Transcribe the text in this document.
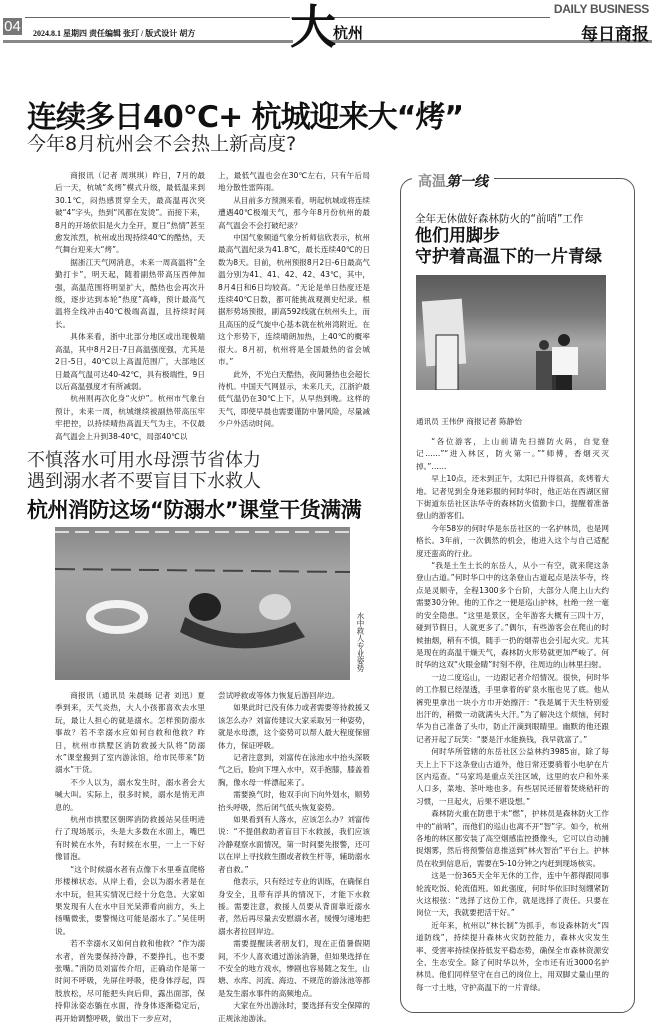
04 2024.8.1 星期四 责任编辑 张玎 / 版式设计 胡方 大
杭州
DAILY BUSINESS
每日商报
连续多日40℃+ 杭城迎来大“烤”
今年8月杭州会不会热上新高度?

商报讯（记者 周琪琪）昨日，7月的最后一天，杭城“炙烤”模式升级，最低温来到30.1℃，闷热感贯穿全天，最高温再次突破“4”字头，热到“风都在发烫”。而接下来，8月的开场依旧是火力全开，夏日“热情”甚至愈发浓烈，杭州或出现持续40℃的酷热，天气舞台迎来大“烤”。

据浙江天气网消息，未来一周高温将“全勤打卡”，明天起，随着副热带高压西伸加强，高温范围将明显扩大，酷热也会再次升级，逐步达到本轮“热度”高峰，预计最高气温将全线冲击40℃极端高温，且持续时间长。

具体来看，浙中北部分地区或出现极端高温，其中8月2日-7日高温强度强，尤其是2日-5日，40℃以上高温范围广，大部地区日最高气温可达40-42℃，具有极端性，9日以后高温强度才有所减弱。

杭州则再次化身“火炉”。杭州市气象台预计，未来一周，杭城继续被副热带高压牢牢把控，以持续晴热高温天气为主，不仅最高气温会上升到38-40℃，局部40℃以

上，最低气温也会在30℃左右，只有午后局地分散性雷阵雨。

从目前多方预测来看，明起杭城或将连续遭遇40℃极端天气，那今年8月份杭州的最高气温会不会打破纪录？

中国气象频道气象分析师信欣表示，杭州最高气温纪录为41.8℃，最长连续40℃的日数为8天。目前，杭州预报8月2日-6日最高气温分别为41、41、42、42、43℃，其中，8月4日和6日均较高。“无论是单日热度还是连续40℃日数，都可能挑战观测史纪录。根据形势场预报，副高592线就在杭州头上，而且高压的反气旋中心基本就在杭州湾附近。在这个形势下，连续晴朗加热，上40℃的概率很大。8月初，杭州将是全国最热的省会城市。”

此外，不光白天酷热，夜间暑热也会超长待机。中国天气网显示，未来几天，江浙沪最低气温仍在30℃上下，从早热到晚。这样的天气，即使早晨也需要谨防中暑风险，尽量减少户外活动时间。

不慎落水可用水母漂节省体力
遇到溺水者不要盲目下水救人
杭州消防这场“防溺水”课堂干货满满
水中救人专业姿势

商报讯（通讯员 朱晨旸 记者 刘迅）夏季到来，天气炎热，大人小孩都喜欢去水里玩，最让人担心的就是溺水。怎样预防溺水事故？若不幸溺水应如何自救和他救？昨日，杭州市拱墅区消防救援大队将“防溺水”课堂搬到了室内游泳馆，给市民带来“防溺水”干货。

不少人以为，溺水发生时，溺水者会大喊大叫。实际上，很多时候，溺水是悄无声息的。

杭州市拱墅区朝晖消防救援站吴佳明进行了现场展示，头是大多数在水面上，嘴巴有时候在水外，有时候在水里，一上一下好像冒泡。

“这个时候溺水者有点像下水里垂直爬格形楼梯状态。从岸上看，会以为溺水者是在水中玩，但其实情况已经十分危急。大家如果发现有人在水中目光呆滞看向前方，头上扬嘴微张，要警惕这可能是溺水了。”吴佳明说。

若不幸溺水又如何自救和他救？“作为溺水者，首先要保持冷静，不要挣扎，也不要张嘴。”消防员刘富传介绍，正确动作是第一时间不呼吸，先屏住呼吸，使身体浮起，四肢放松，尽可能把头向后仰，露出面部，保持仰泳姿态躺在水面，待身体逐渐稳定后，再开始调整呼吸，做出下一步应对，

尝试呼救或等体力恢复后游回岸边。

如果此时已没有体力或者需要等待救援又该怎么办？刘富传建议大家采取另一种姿势，就是水母漂，这个姿势可以帮人最大程度保留体力，保证呼吸。

记者注意到，刘富传在泳池水中抬头深吸气之后，脸向下埋入水中，双手抱膝，膝盖着胸，像水母一样漂起来了。

需要换气时，他双手向下向外划水，顺势抬头呼吸，然后闭气低头恢复姿势。

如果看到有人落水，应该怎么办？刘富传说：“不提倡救助者盲目下水救援，我们应该冷静观察水面情况，第一时间要先报警，还可以在岸上寻找救生圈或者救生杆等，辅助溺水者自救。”

他表示，只有经过专业的训练，在确保自身安全，且带有浮具的情况下，才能下水救援。需要注意，救援人员要从背面靠近溺水者，然后再尽量去安慰溺水者，缓慢匀速地把溺水者拉回岸边。

需要提醒读者朋友们，现在正值暑假期间，不少人喜欢通过游泳消暑，但如果选择在不安全的地方戏水，惨剧也容易随之发生，山塘、水库、河流、海边、不规范的游泳池等都是发生溺水事件的高频地点。

大家在外出游泳时，要选择有安全保障的正规泳池游泳。

高温第一线
全年无休做好森林防火的“前哨”工作
他们用脚步
守护着高温下的一片青绿
通讯员 王伟伊 商报记者 陈静怡

“各位游客，上山前请先扫描防火码，自觉登记……”“进入林区，防火第一。”“师傅，香烟灭灭掉。”……

早上10点，还未到正午，太阳已升得很高，炙烤着大地。记者见到全身迷彩服的何时华时，他正站在西湖区留下街道东岳社区法华寺的森林防火值勤卡口，提醒着准备登山的游客们。

今年58岁的何时华是东岳社区的一名护林员，也是网格长。3年前，一次偶然的机会，他进入这个与自己适配度还蛮高的行业。

“我是土生土长的东岳人，从小一有空，就来爬这条登山古道。”何时华口中的这条登山古道起点是法华寺，终点是灵顺寺，全程1300多个台阶，大部分人爬上山大约需要30分钟。他的工作之一便是巡山护林，杜绝一丝一毫的安全隐患。“这里是景区，全年游客大概有三四十万，碰到节假日，人就更多了。”偶尔，有些游客会在爬山的时候抽烟，稍有不慎，随手一扔的烟蒂也会引起火灾。尤其是现在的高温干燥天气，森林防火形势就更加严峻了。何时华的这双“火眼金睛”时刻不停，往周边的山林里扫射。

一边二度巡山，一边跟记者介绍情况。很快，何时华的工作服已经湿透，手里拿着的矿泉水瓶也见了底。他从裤兜里拿出一块小方巾开始擦汗：“我是属于天生特别爱出汗的，稍微一动就满头大汗。”为了解决这个烦恼，何时华为自己准备了头巾，防止汗滴到眼睛里。幽默的他还跟记者开起了玩笑：“要是汗水能换钱，我早就富了。”

何时华所管辖的东岳社区公益林约3985亩，除了每天上上下下这条登山古道外，他日常还要骑着小电驴在片区内巡查。“马家坞是重点关注区域，这里的农户和外来人口多，菜地、茶叶地也多。有些居民还留着焚烧秸秆的习惯，一旦起火，后果不堪设想。”

森林防火重在防患于未“燃”，护林员是森林防火工作中的“前哨”，而他们的巡山也离不开“智”字。如今，杭州各地的林区都安装了高空烟感监控摄像头，它可以自动捕捉烟雾，然后将预警信息推送到“林火智治”平台上。护林员在收到信息后，需要在5-10分钟之内赶到现场核实。

这是一份365天全年无休的工作，连中午都得跟同事轮流吃饭、轮流值班。如此强度，何时华依旧时刻绷紧防火这根弦：“选择了这份工作，就是选择了责任。只要在岗位一天，我就要把活干好。”

近年来，杭州以“林长制”为抓手，布设森林防火“四道防线”，持续提升森林火灾防控能力，森林火灾发生率、受害率持续保持低发平稳态势，确保全市森林资源安全、生态安全。除了何时华以外，全市还有近3000名护林员。他们同样坚守在自己的岗位上，用双脚丈量山里的每一寸土地，守护高温下的一片青绿。
